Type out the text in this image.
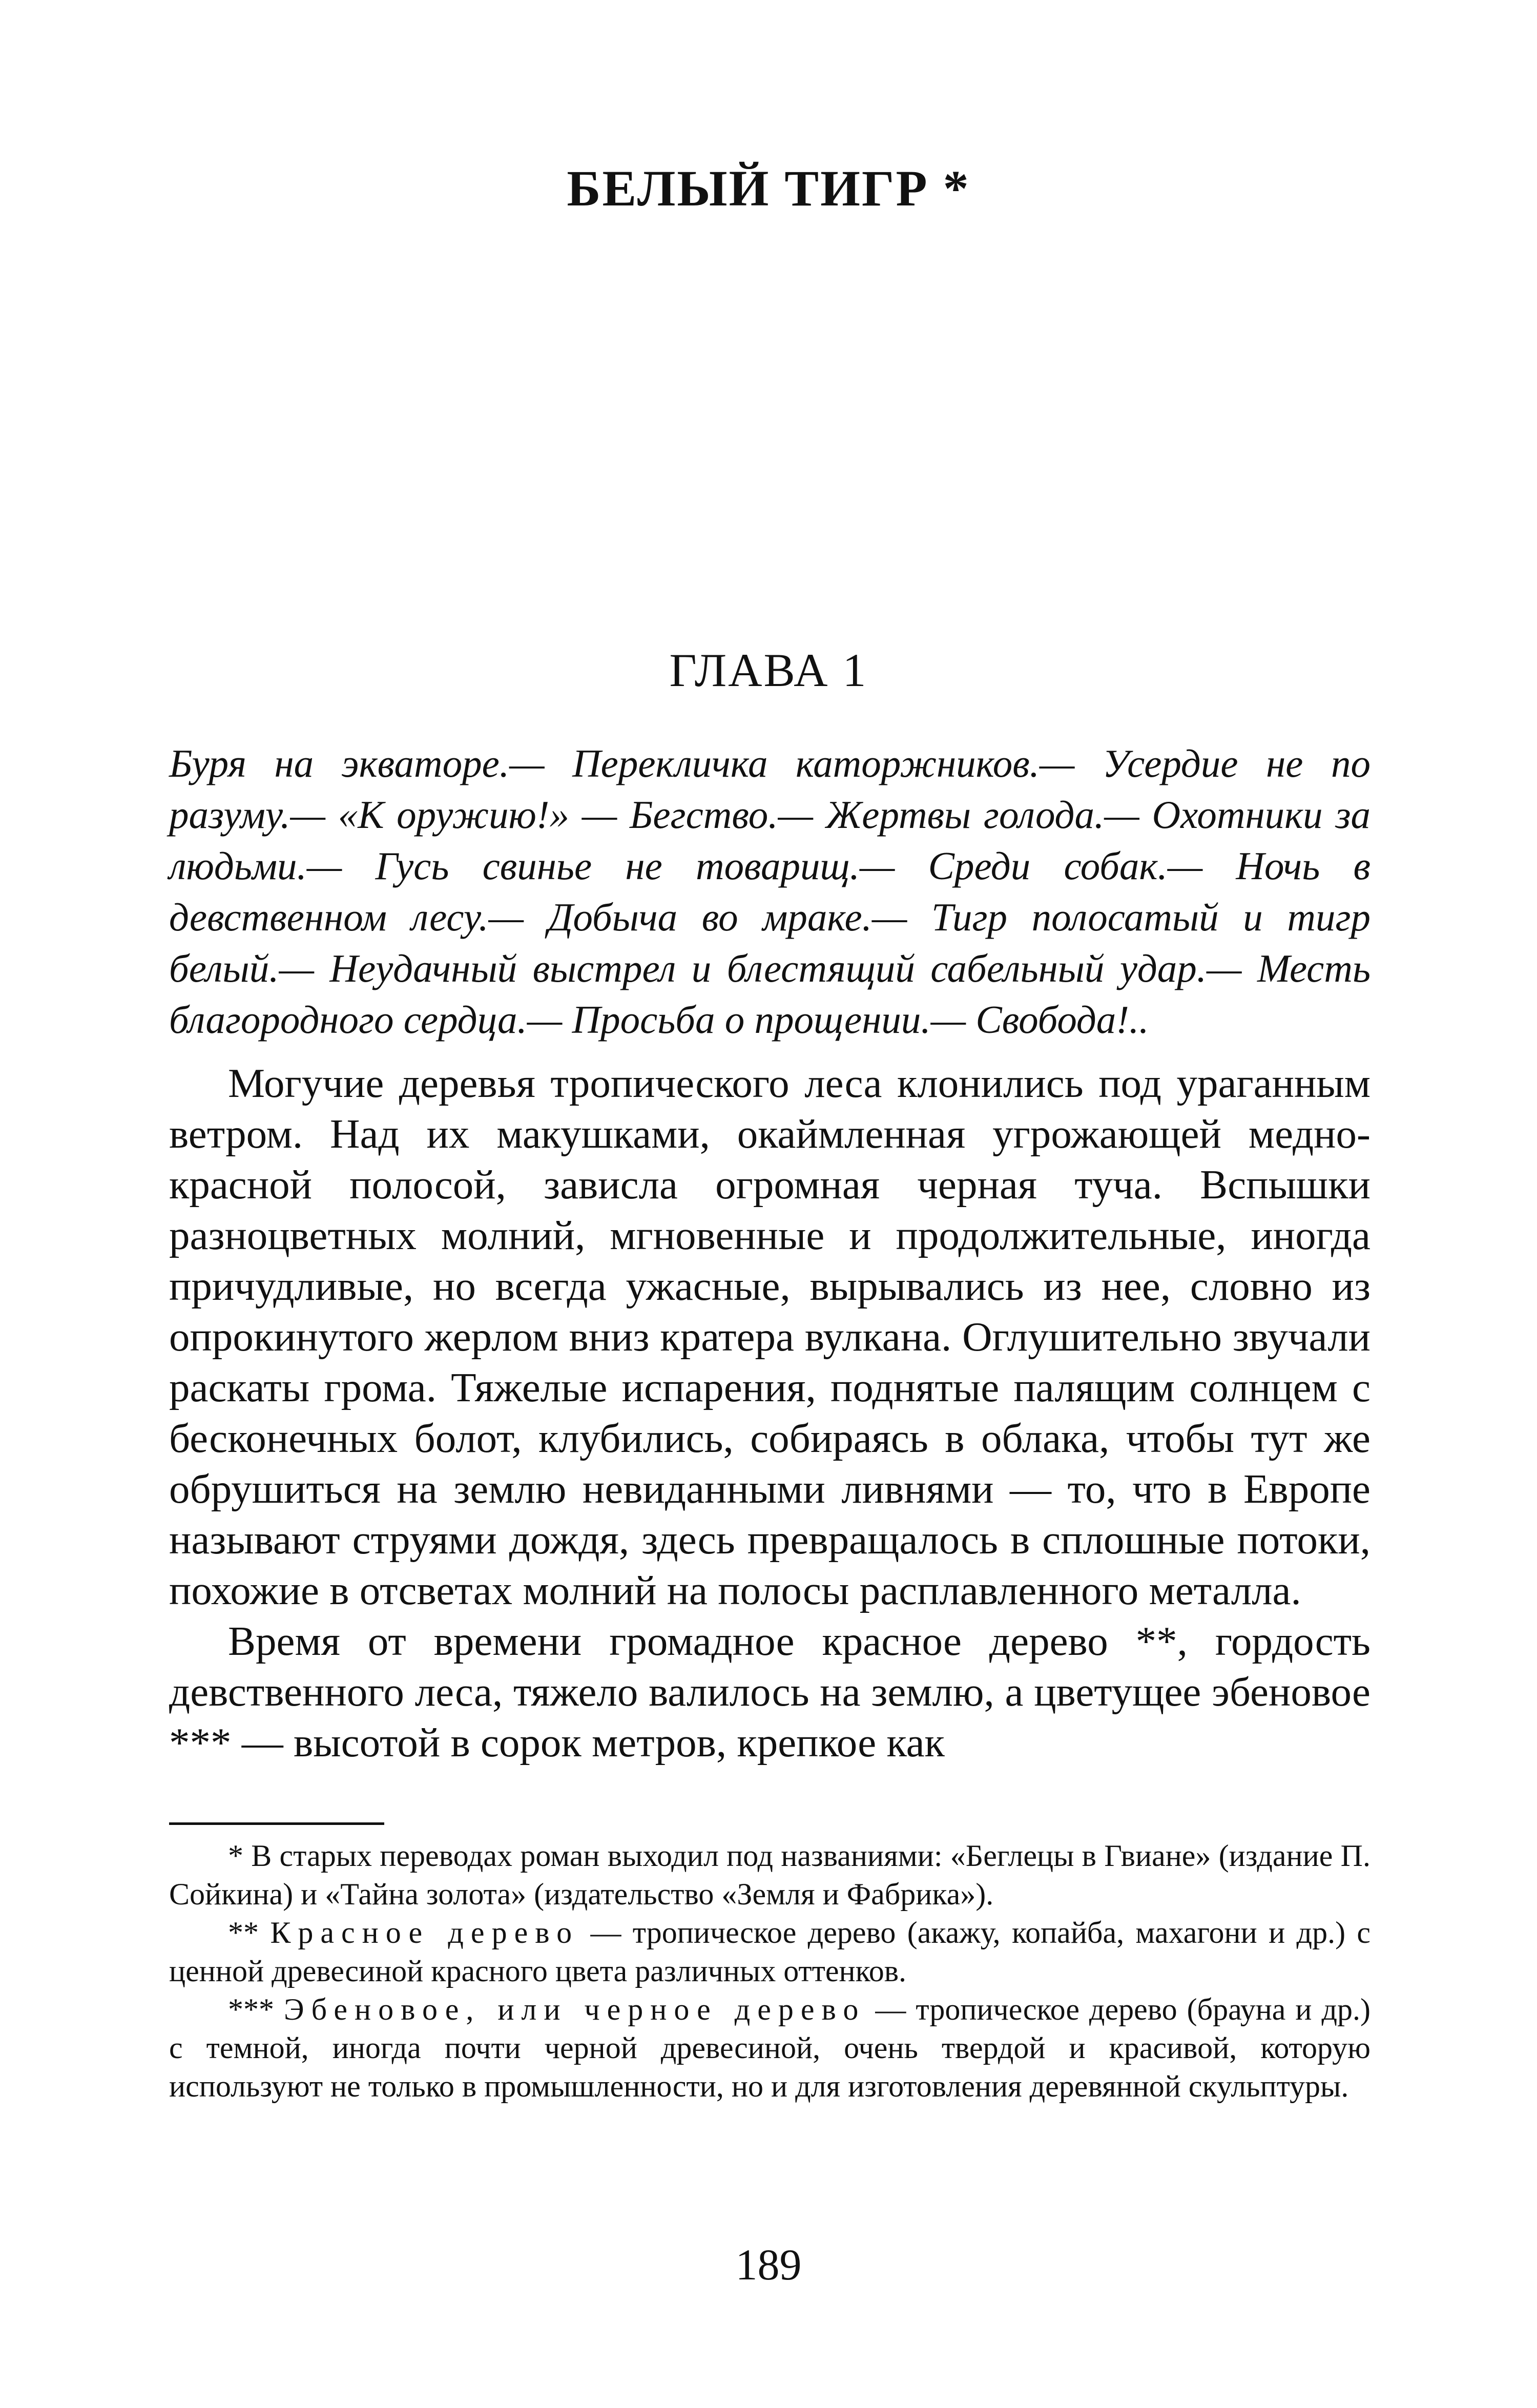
БЕЛЫЙ ТИГР *
ГЛАВА 1

Буря на экваторе.— Перекличка каторжников.— Усердие не по разуму.— «К оружию!» — Бегство.— Жертвы голода.— Охотники за людьми.— Гусь свинье не товарищ.— Среди собак.— Ночь в девственном лесу.— Добыча во мраке.— Тигр полосатый и тигр белый.— Неудачный выстрел и блестящий сабельный удар.— Месть благородного сердца.— Просьба о прощении.— Свобода!..

Могучие деревья тропического леса клонились под ураганным ветром. Над их макушками, окаймленная угрожающей медно-красной полосой, зависла огромная черная туча. Вспышки разноцветных молний, мгновенные и продолжительные, иногда причудливые, но всегда ужасные, вырывались из нее, словно из опрокинутого жерлом вниз кратера вулкана. Оглушительно звучали раскаты грома. Тяжелые испарения, поднятые палящим солнцем с бесконечных болот, клубились, собираясь в облака, чтобы тут же обрушиться на землю невиданными ливнями — то, что в Европе называют струями дождя, здесь превращалось в сплошные потоки, похожие в отсветах молний на полосы расплавленного металла.

Время от времени громадное красное дерево **, гордость девственного леса, тяжело валилось на землю, а цветущее эбеновое *** — высотой в сорок метров, крепкое как

* В старых переводах роман выходил под названиями: «Беглецы в Гвиане» (издание П. Сойкина) и «Тайна золота» (издательство «Земля и Фабрика»).

** Красное дерево — тропическое дерево (акажу, копайба, махагони и др.) с ценной древесиной красного цвета различных оттенков.

*** Эбеновое, или черное дерево — тропическое дерево (брауна и др.) с темной, иногда почти черной древесиной, очень твердой и красивой, которую используют не только в промышленности, но и для изготовления деревянной скульптуры.

189
